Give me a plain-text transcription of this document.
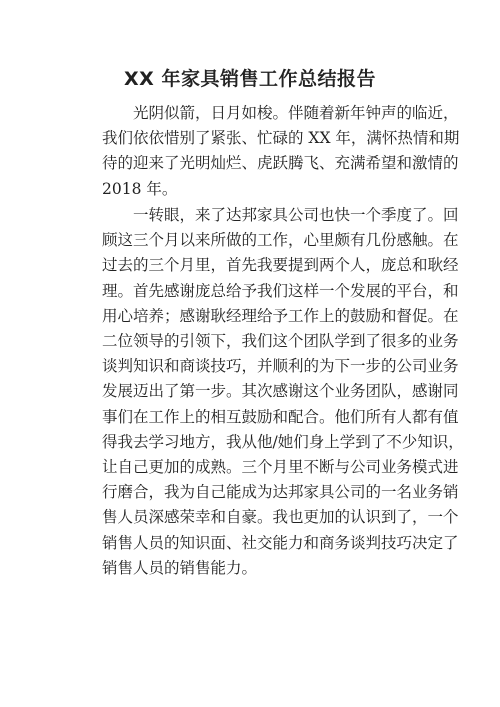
XX 年家具销售工作总结报告
光阴似箭，日月如梭。伴随着新年钟声的临近，
我们依依惜别了紧张、忙碌的 XX 年，满怀热情和期
待的迎来了光明灿烂、虎跃腾飞、充满希望和激情的
2018 年。
一转眼，来了达邦家具公司也快一个季度了。回
顾这三个月以来所做的工作，心里颇有几份感触。在
过去的三个月里，首先我要提到两个人，庞总和耿经
理。首先感谢庞总给予我们这样一个发展的平台，和
用心培养；感谢耿经理给予工作上的鼓励和督促。在
二位领导的引领下，我们这个团队学到了很多的业务
谈判知识和商谈技巧，并顺利的为下一步的公司业务
发展迈出了第一步。其次感谢这个业务团队，感谢同
事们在工作上的相互鼓励和配合。他们所有人都有值
得我去学习地方，我从他/她们身上学到了不少知识，
让自己更加的成熟。三个月里不断与公司业务模式进
行磨合，我为自己能成为达邦家具公司的一名业务销
售人员深感荣幸和自豪。我也更加的认识到了，一个
销售人员的知识面、社交能力和商务谈判技巧决定了
销售人员的销售能力。
